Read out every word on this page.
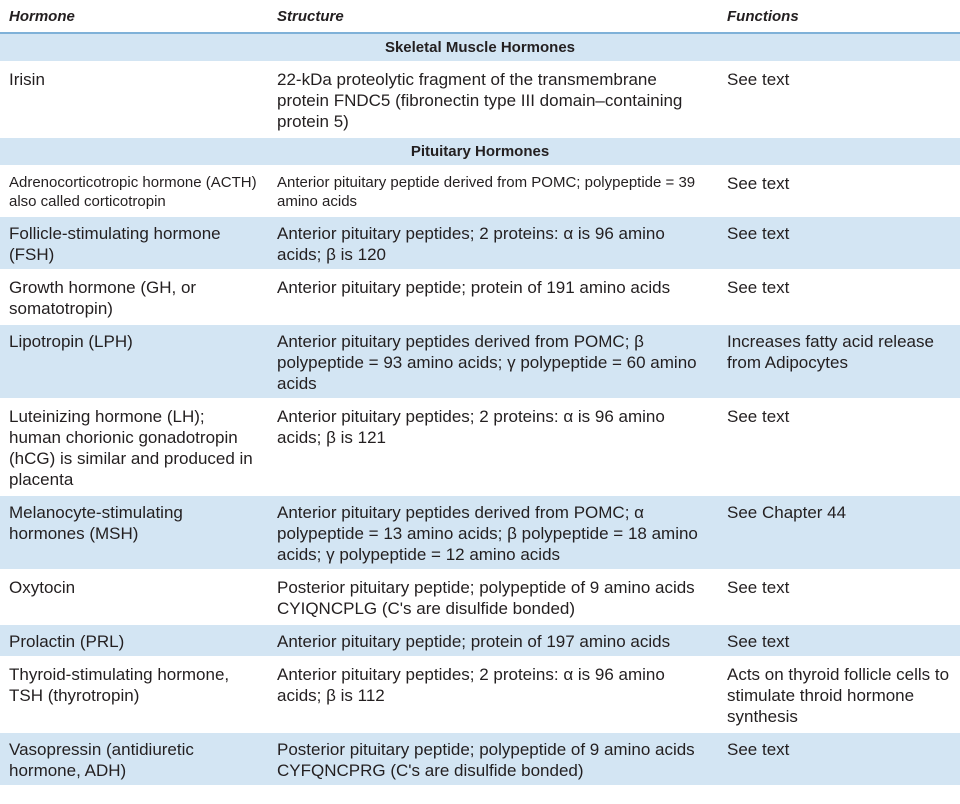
Hormone	Structure	Functions
Skeletal Muscle Hormones		
Irisin	22-kDa proteolytic fragment of the transmembrane protein FNDC5 (fibronectin type III domain–containing protein 5)	See text
Pituitary Hormones		
Adrenocorticotropic hormone (ACTH) also called corticotropin	Anterior pituitary peptide derived from POMC; polypeptide = 39 amino acids	See text
Follicle-stimulating hormone (FSH)	Anterior pituitary peptides; 2 proteins: α is 96 amino acids; β is 120	See text
Growth hormone (GH, or somatotropin)	Anterior pituitary peptide; protein of 191 amino acids	See text
Lipotropin (LPH)	Anterior pituitary peptides derived from POMC; β polypeptide = 93 amino acids; γ polypeptide = 60 amino acids	Increases fatty acid release from Adipocytes
Luteinizing hormone (LH); human chorionic gonadotropin (hCG) is similar and produced in placenta	Anterior pituitary peptides; 2 proteins: α is 96 amino acids; β is 121	See text
Melanocyte-stimulating hormones (MSH)	Anterior pituitary peptides derived from POMC; α polypeptide = 13 amino acids; β polypeptide = 18 amino acids; γ polypeptide = 12 amino acids	See Chapter 44
Oxytocin	Posterior pituitary peptide; polypeptide of 9 amino acids CYIQNCPLG (C's are disulfide bonded)	See text
Prolactin (PRL)	Anterior pituitary peptide; protein of 197 amino acids	See text
Thyroid-stimulating hormone, TSH (thyrotropin)	Anterior pituitary peptides; 2 proteins: α is 96 amino acids; β is 112	Acts on thyroid follicle cells to stimulate throid hormone synthesis
Vasopressin (antidiuretic hormone, ADH)	Posterior pituitary peptide; polypeptide of 9 amino acids CYFQNCPRG (C's are disulfide bonded)	See text
